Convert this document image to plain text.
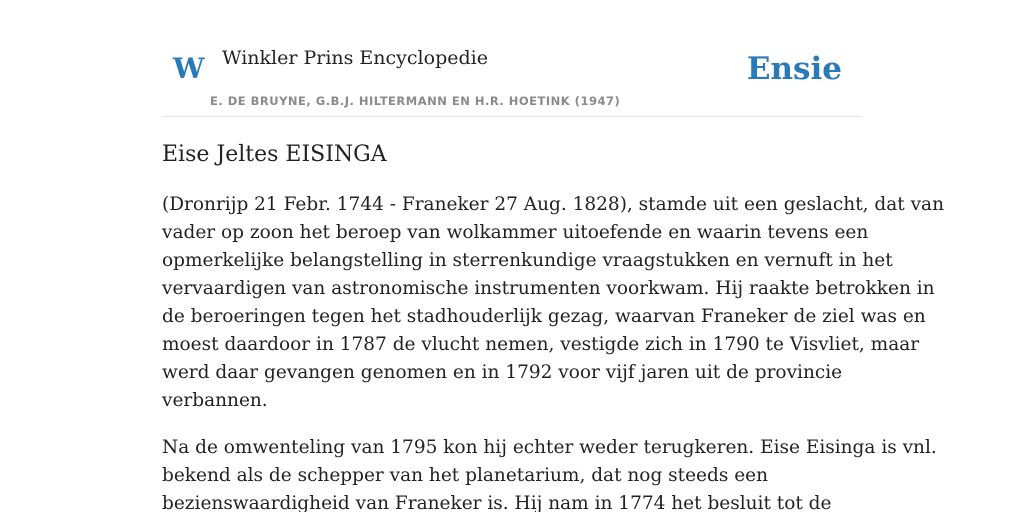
W Winkler Prins Encyclopedie
E. DE BRUYNE, G.B.J. HILTERMANN EN H.R. HOETINK (1947)
Ensie
Eise Jeltes EISINGA

(Dronrijp 21 Febr. 1744 - Franeker 27 Aug. 1828), stamde uit een geslacht, dat van
vader op zoon het beroep van wolkammer uitoefende en waarin tevens een
opmerkelijke belangstelling in sterrenkundige vraagstukken en vernuft in het
vervaardigen van astronomische instrumenten voorkwam. Hij raakte betrokken in
de beroeringen tegen het stadhouderlijk gezag, waarvan Franeker de ziel was en
moest daardoor in 1787 de vlucht nemen, vestigde zich in 1790 te Visvliet, maar
werd daar gevangen genomen en in 1792 voor vijf jaren uit de provincie
verbannen.

Na de omwenteling van 1795 kon hij echter weder terugkeren. Eise Eisinga is vnl.
bekend als de schepper van het planetarium, dat nog steeds een
bezienswaardigheid van Franeker is. Hij nam in 1774 het besluit tot de
